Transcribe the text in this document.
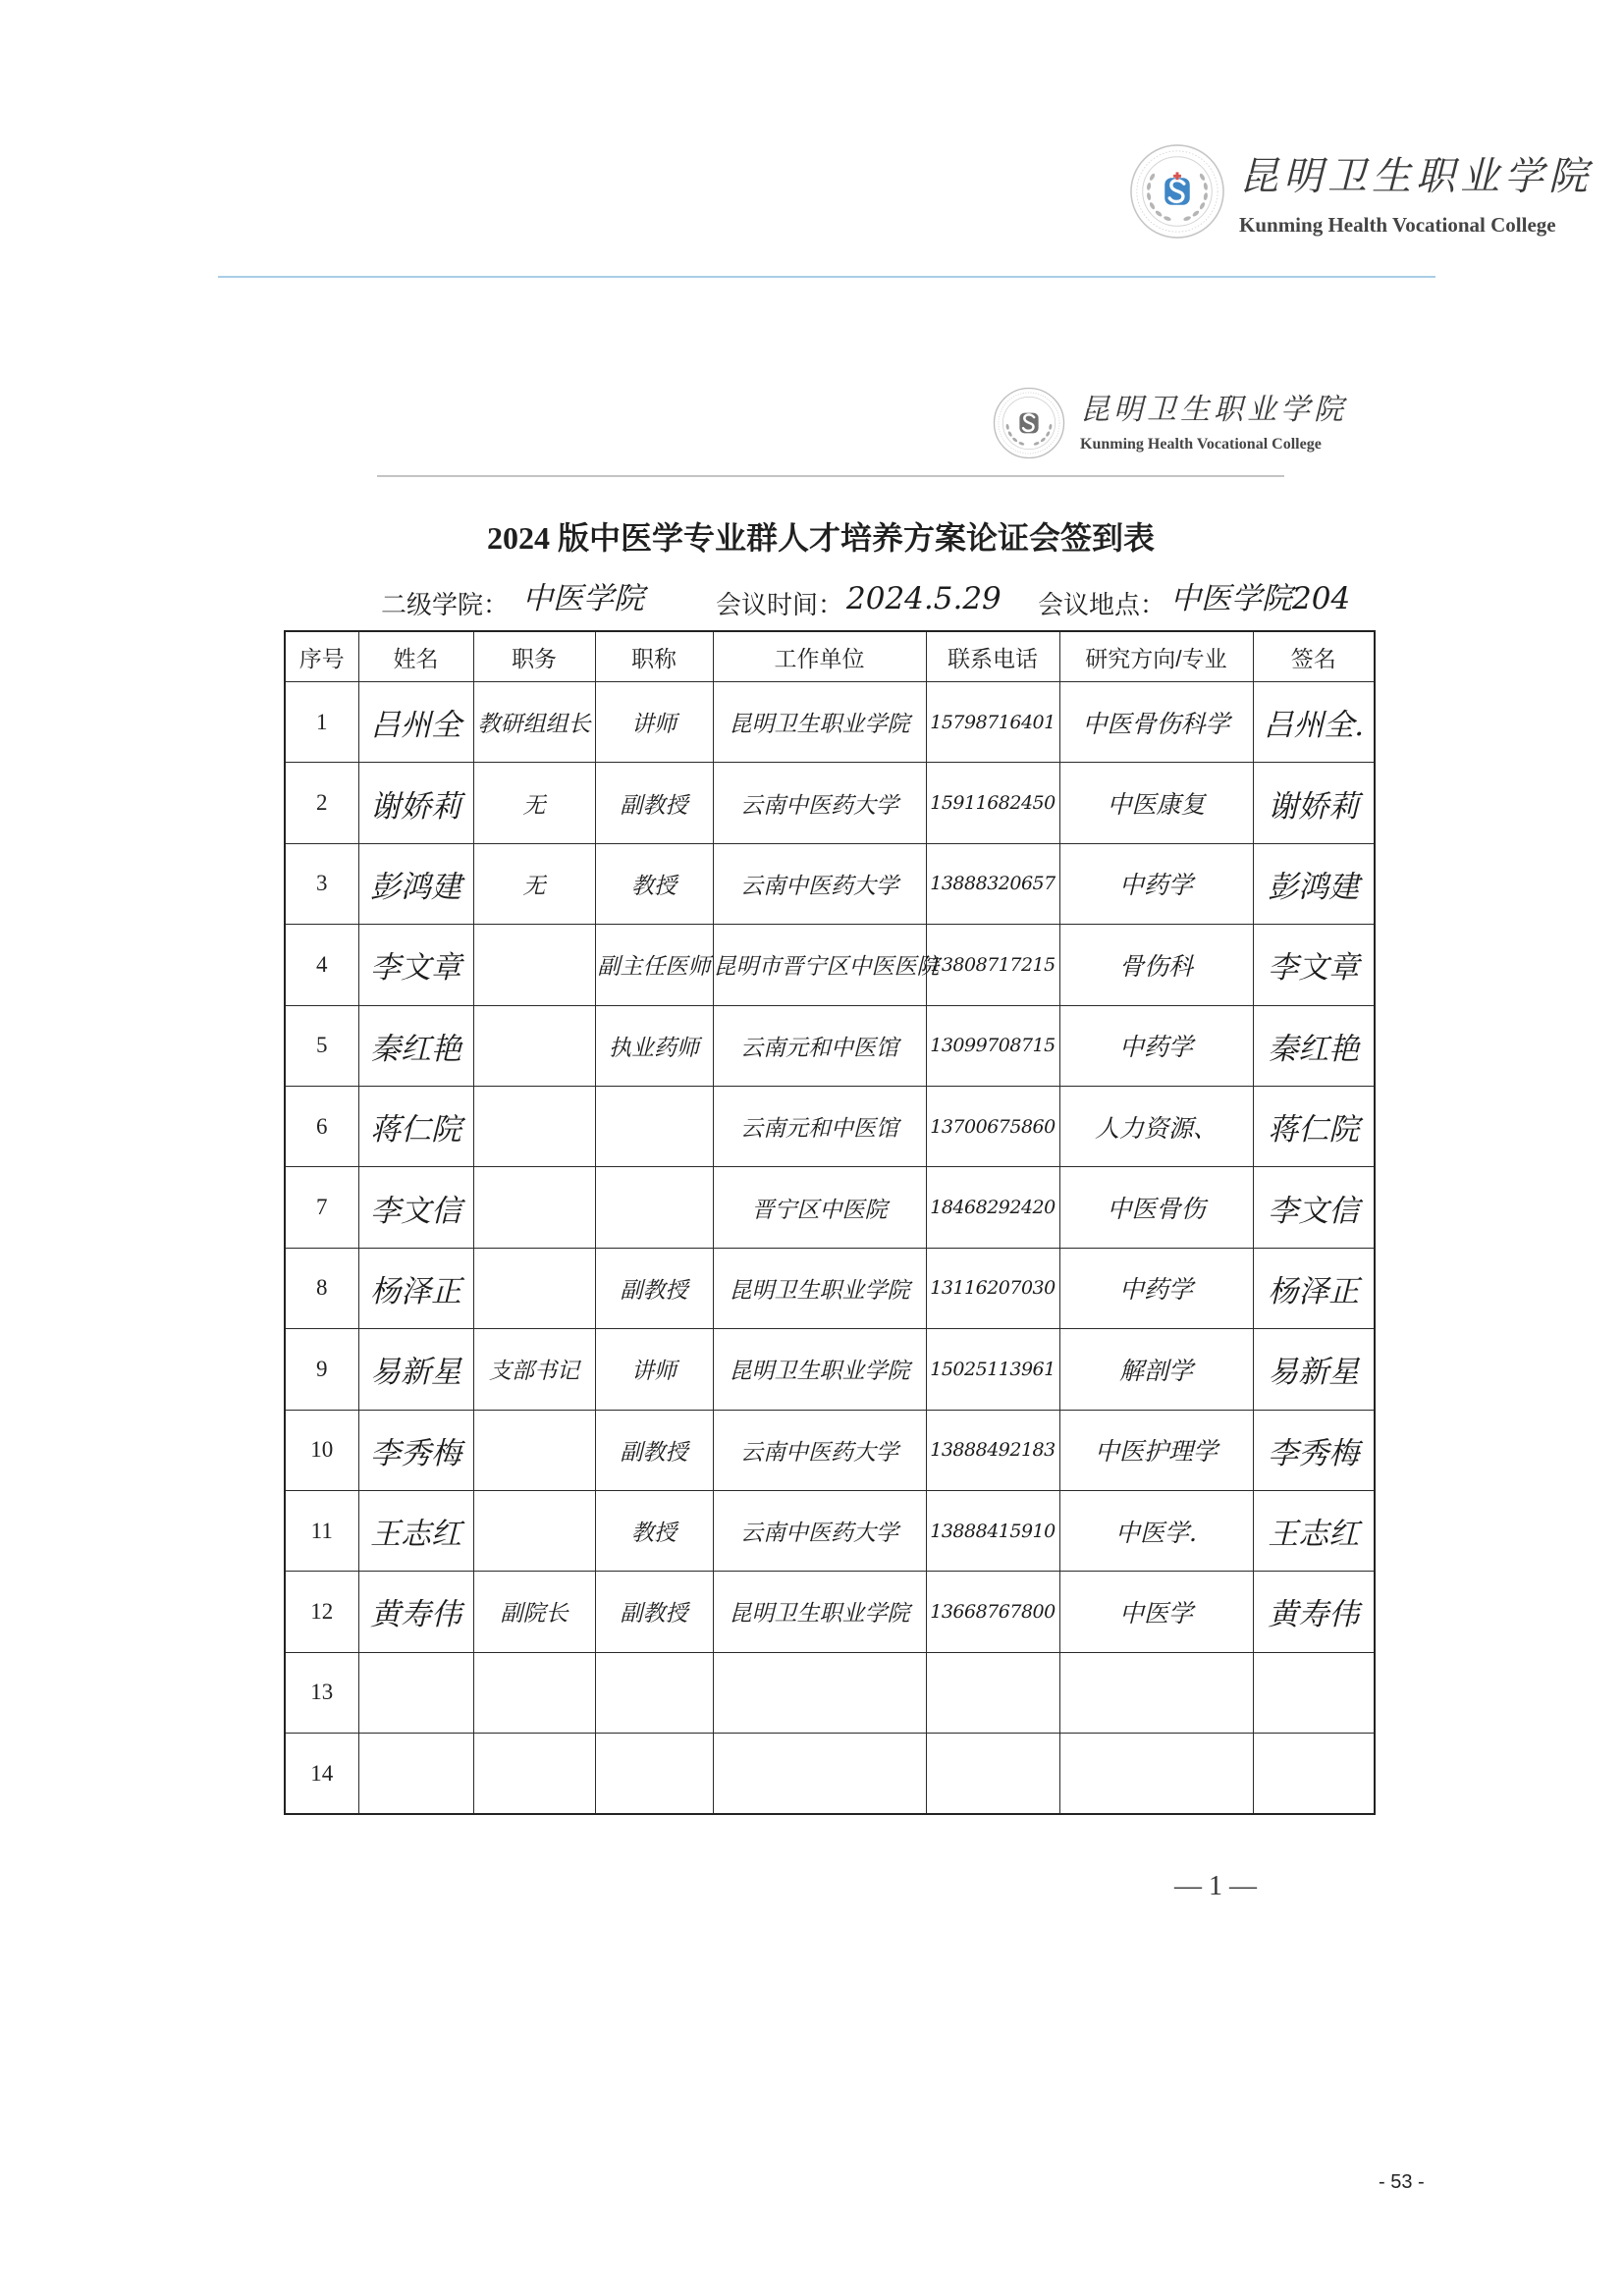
昆明卫生职业学院
Kunming Health Vocational College
昆明卫生职业学院
Kunming Health Vocational College
2024 版中医学专业群人才培养方案论证会签到表
二级学院： 中医学院	会议时间： 2024.5.29 会议地点： 中医学院204
序号	姓名	职务	职称	工作单位	联系电话	研究方向/专业	签名
1	吕州全	教研组组长	讲师	昆明卫生职业学院	15798716401	中医骨伤科学	吕州全.
2	谢娇莉	无	副教授	云南中医药大学	15911682450	中医康复	谢娇莉
3	彭鸿建	无	教授	云南中医药大学	13888320657	中药学	彭鸿建
4	李文章		副主任医师	昆明市晋宁区中医医院	13808717215	骨伤科	李文章
5	秦红艳		执业药师	云南元和中医馆	13099708715	中药学	秦红艳
6	蒋仁院			云南元和中医馆	13700675860	人力资源、	蒋仁院
7	李文信			晋宁区中医院	18468292420	中医骨伤	李文信
8	杨泽正		副教授	昆明卫生职业学院	13116207030	中药学	杨泽正
9	易新星	支部书记	讲师	昆明卫生职业学院	15025113961	解剖学	易新星
10	李秀梅		副教授	云南中医药大学	13888492183	中医护理学	李秀梅
11	王志红		教授	云南中医药大学	13888415910	中医学.	王志红
12	黄寿伟	副院长	副教授	昆明卫生职业学院	13668767800	中医学	黄寿伟
13							
14							
— 1 —
- 53 -
